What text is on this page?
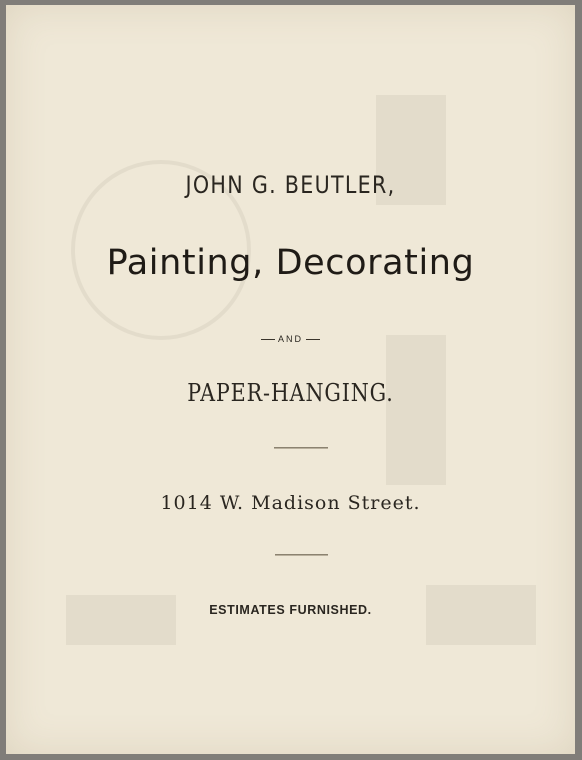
JOHN G. BEUTLER,
Painting, Decorating
AND
PAPER-HANGING.
1014 W. Madison Street.
ESTIMATES FURNISHED.
